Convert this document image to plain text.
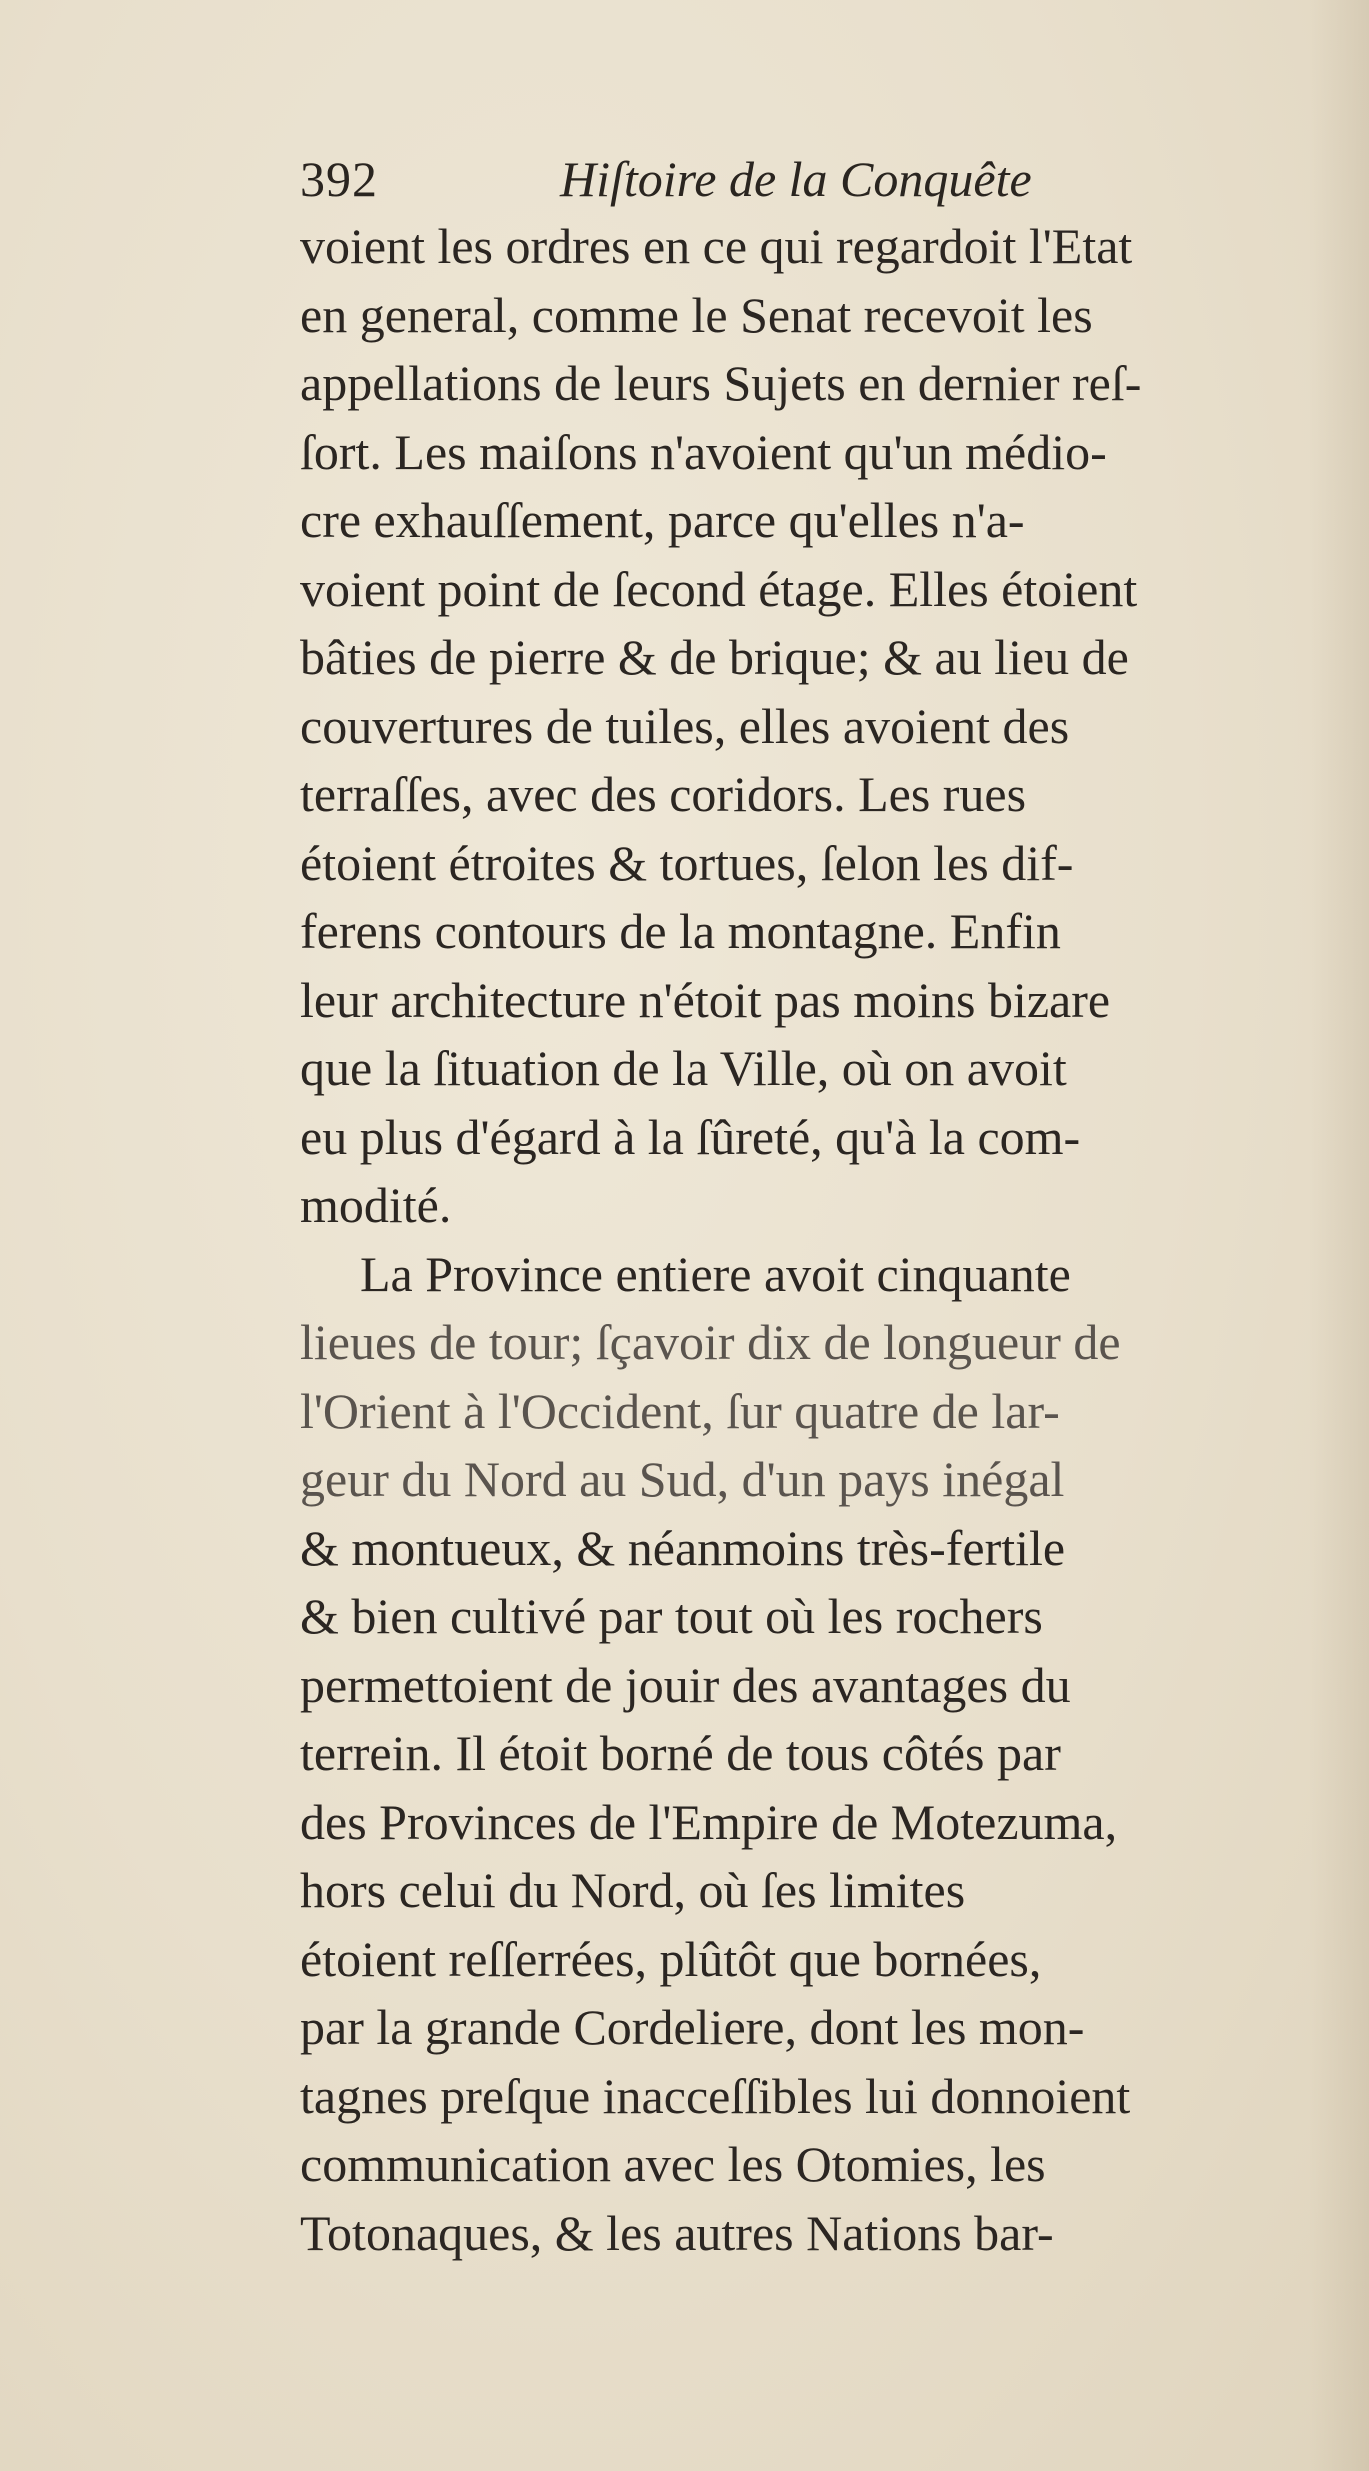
392	Hiſtoire de la Conquête
voient les ordres en ce qui regardoit l'Etat
en general, comme le Senat recevoit les
appellations de leurs Sujets en dernier reſ-
ſort. Les maiſons n'avoient qu'un médio-
cre exhauſſement, parce qu'elles n'a-
voient point de ſecond étage. Elles étoient
bâties de pierre & de brique; & au lieu de
couvertures de tuiles, elles avoient des
terraſſes, avec des coridors. Les rues
étoient étroites & tortues, ſelon les dif-
ferens contours de la montagne. Enfin
leur architecture n'étoit pas moins bizare
que la ſituation de la Ville, où on avoit
eu plus d'égard à la ſûreté, qu'à la com-
modité.
La Province entiere avoit cinquante
lieues de tour; ſçavoir dix de longueur de
l'Orient à l'Occident, ſur quatre de lar-
geur du Nord au Sud, d'un pays inégal
& montueux, & néanmoins très-fertile
& bien cultivé par tout où les rochers
permettoient de jouir des avantages du
terrein. Il étoit borné de tous côtés par
des Provinces de l'Empire de Motezuma,
hors celui du Nord, où ſes limites
étoient reſſerrées, plûtôt que bornées,
par la grande Cordeliere, dont les mon-
tagnes preſque inacceſſibles lui donnoient
communication avec les Otomies, les
Totonaques, & les autres Nations bar-
